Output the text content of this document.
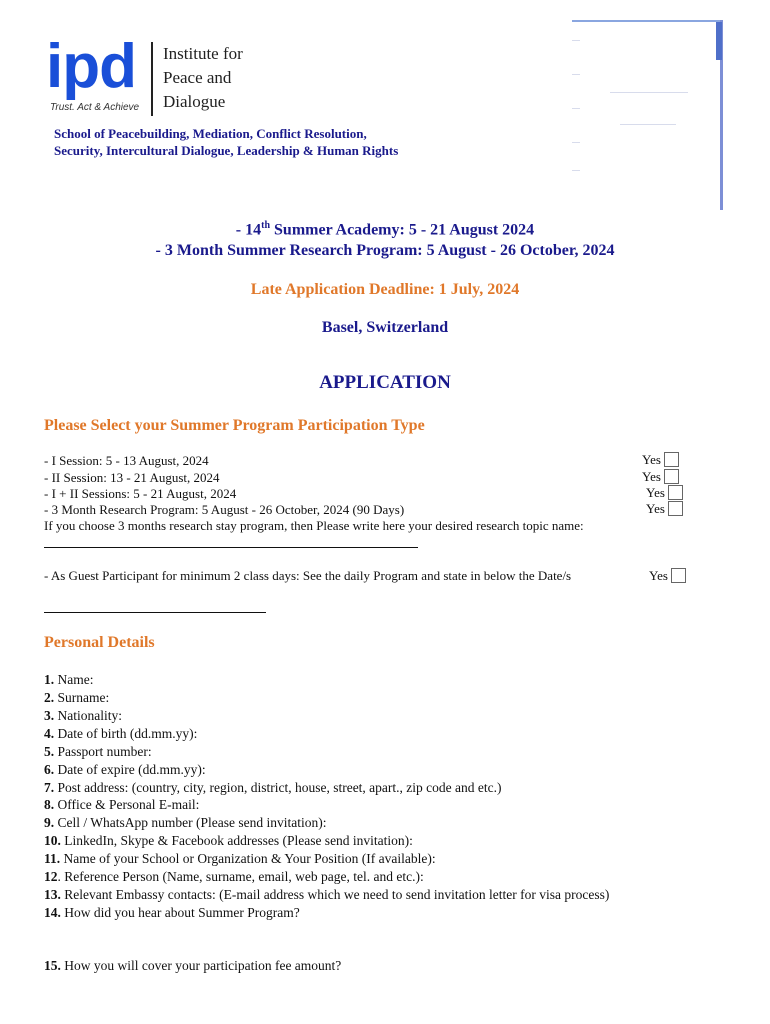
ipd
Trust. Act & Achieve
Institute for
Peace and
Dialogue
School of Peacebuilding, Mediation, Conflict Resolution,
Security, Intercultural Dialogue, Leadership & Human Rights
- 14th Summer Academy: 5 - 21 August 2024
- 3 Month Summer Research Program: 5 August - 26 October, 2024
Late Application Deadline: 1 July, 2024
Basel, Switzerland
APPLICATION
Please Select your Summer Program Participation Type
- I Session: 5 - 13 August, 2024	Yes
- II Session: 13 - 21 August, 2024	Yes
- I + II Sessions: 5 - 21 August, 2024	Yes
- 3 Month Research Program: 5 August - 26 October, 2024 (90 Days)	Yes
If you choose 3 months research stay program, then Please write here your desired research topic name:
- As Guest Participant for minimum 2 class days: See the daily Program and state in below the Date/s	Yes
Personal Details
1. Name:
2. Surname:
3. Nationality:
4. Date of birth (dd.mm.yy):
5. Passport number:
6. Date of expire (dd.mm.yy):
7. Post address: (country, city, region, district, house, street, apart., zip code and etc.)
8. Office & Personal E-mail:
9. Cell / WhatsApp number (Please send invitation):
10. LinkedIn, Skype & Facebook addresses (Please send invitation):
11. Name of your School or Organization & Your Position (If available):
12. Reference Person (Name, surname, email, web page, tel. and etc.):
13. Relevant Embassy contacts: (E-mail address which we need to send invitation letter for visa process)
14. How did you hear about Summer Program?
15. How you will cover your participation fee amount?
